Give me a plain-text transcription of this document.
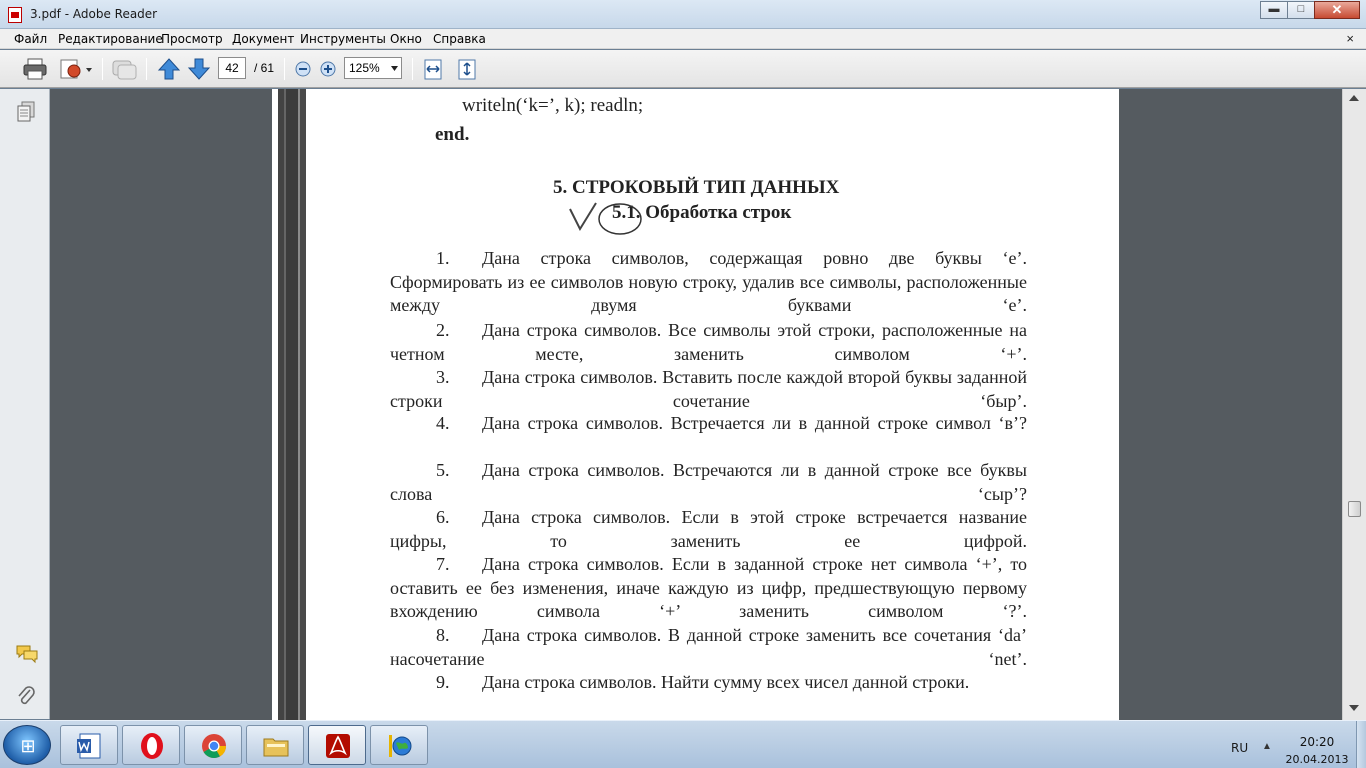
3.pdf - Adobe Reader	▬	□	✕
Файл Редактирование
Просмотр Документ Инструменты Окно Справка	×
42	/ 61	125%
writeln(‘k=’, k); readln;
end.
5. СТРОКОВЫЙ ТИП ДАННЫХ
5.1. Обработка строк
1. Дана строка символов, содержащая ровно две буквы ‘е’. Сформировать из ее символов новую строку, удалив все символы, расположенные между двумя буквами ‘е’.
2. Дана строка символов. Все символы этой строки, расположенные на четном месте, заменить символом ‘+’.
3. Дана строка символов. Вставить после каждой второй буквы заданной строки сочетание ‘быр’.
4. Дана строка символов. Встречается ли в данной строке символ ‘в’?
5. Дана строка символов. Встречаются ли в данной строке все буквы слова ‘сыр’?
6. Дана строка символов. Если в этой строке встречается название цифры, то заменить ее цифрой.
7. Дана строка символов. Если в заданной строке нет символа ‘+’, то оставить ее без изменения, иначе каждую из цифр, предшествующую первому вхождению символа ‘+’ заменить символом ‘?’.
8. Дана строка символов. В данной строке заменить все сочетания ‘da’ насочетание ‘net’.
9. Дана строка символов. Найти сумму всех чисел данной строки.
⊞	RU ▲	20:20
20.04.2013
